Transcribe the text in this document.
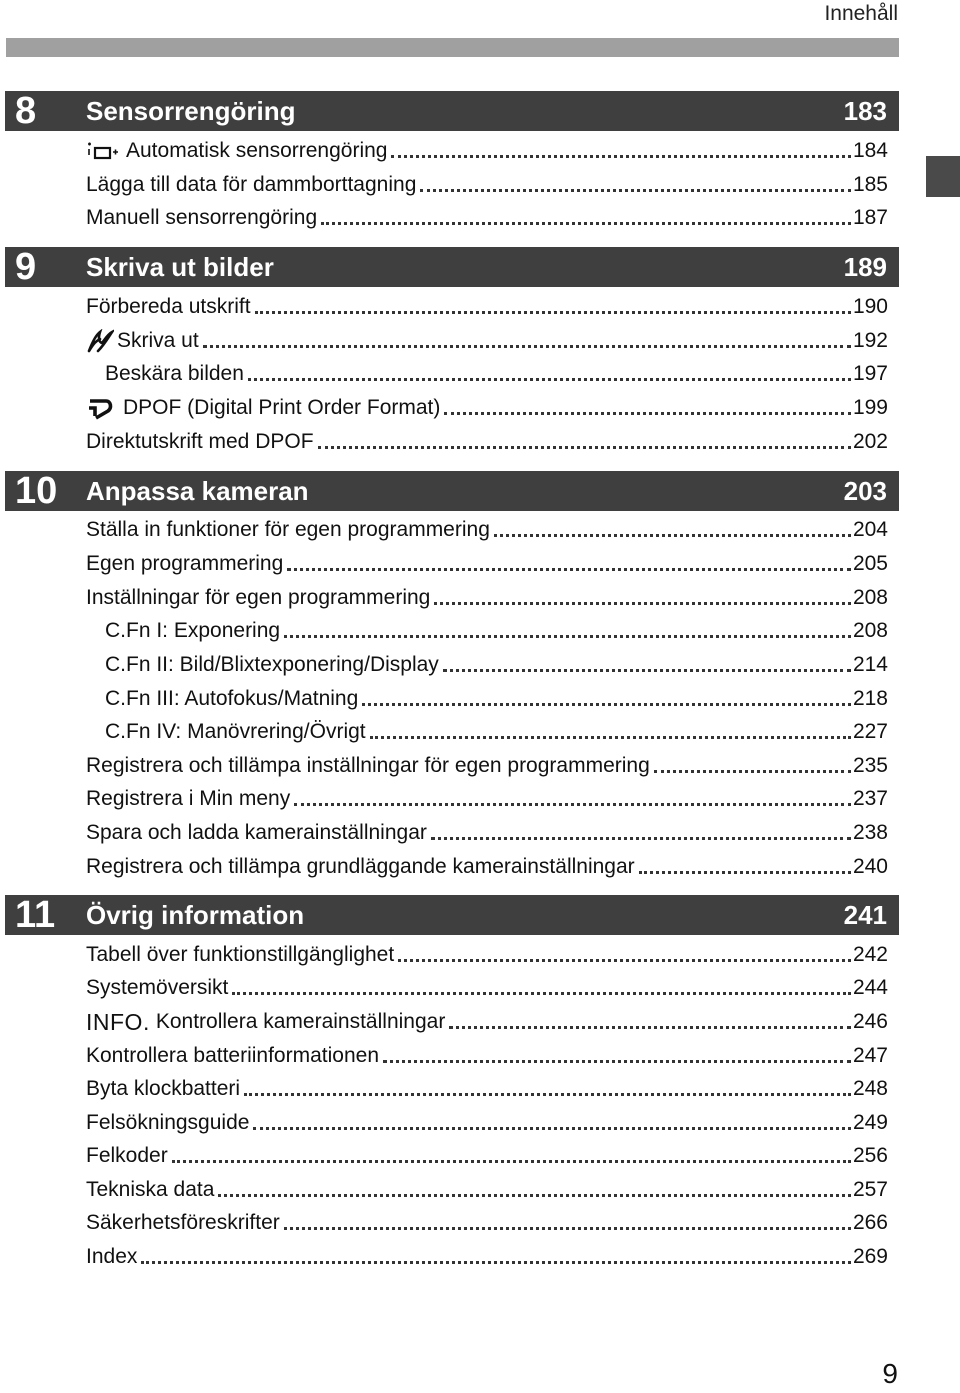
Innehåll
8	Sensorrengöring	183
Automatisk sensorrengöring	184
Lägga till data för dammborttagning	185
Manuell sensorrengöring	187
9	Skriva ut bilder	189
Förbereda utskrift	190
Skriva ut	192
Beskära bilden	197
DPOF (Digital Print Order Format)	199
Direktutskrift med DPOF	202
10	Anpassa kameran	203
Ställa in funktioner för egen programmering	204
Egen programmering	205
Inställningar för egen programmering	208
C.Fn I: Exponering	208
C.Fn II: Bild/Blixtexponering/Display	214
C.Fn III: Autofokus/Matning	218
C.Fn IV: Manövrering/Övrigt	227
Registrera och tillämpa inställningar för egen programmering	235
Registrera i Min meny	237
Spara och ladda kamerainställningar	238
Registrera och tillämpa grundläggande kamerainställningar	240
11	Övrig information	241
Tabell över funktionstillgänglighet	242
Systemöversikt	244
INFO. Kontrollera kamerainställningar	246
Kontrollera batteriinformationen	247
Byta klockbatteri	248
Felsökningsguide	249
Felkoder	256
Tekniska data	257
Säkerhetsföreskrifter	266
Index	269
9
